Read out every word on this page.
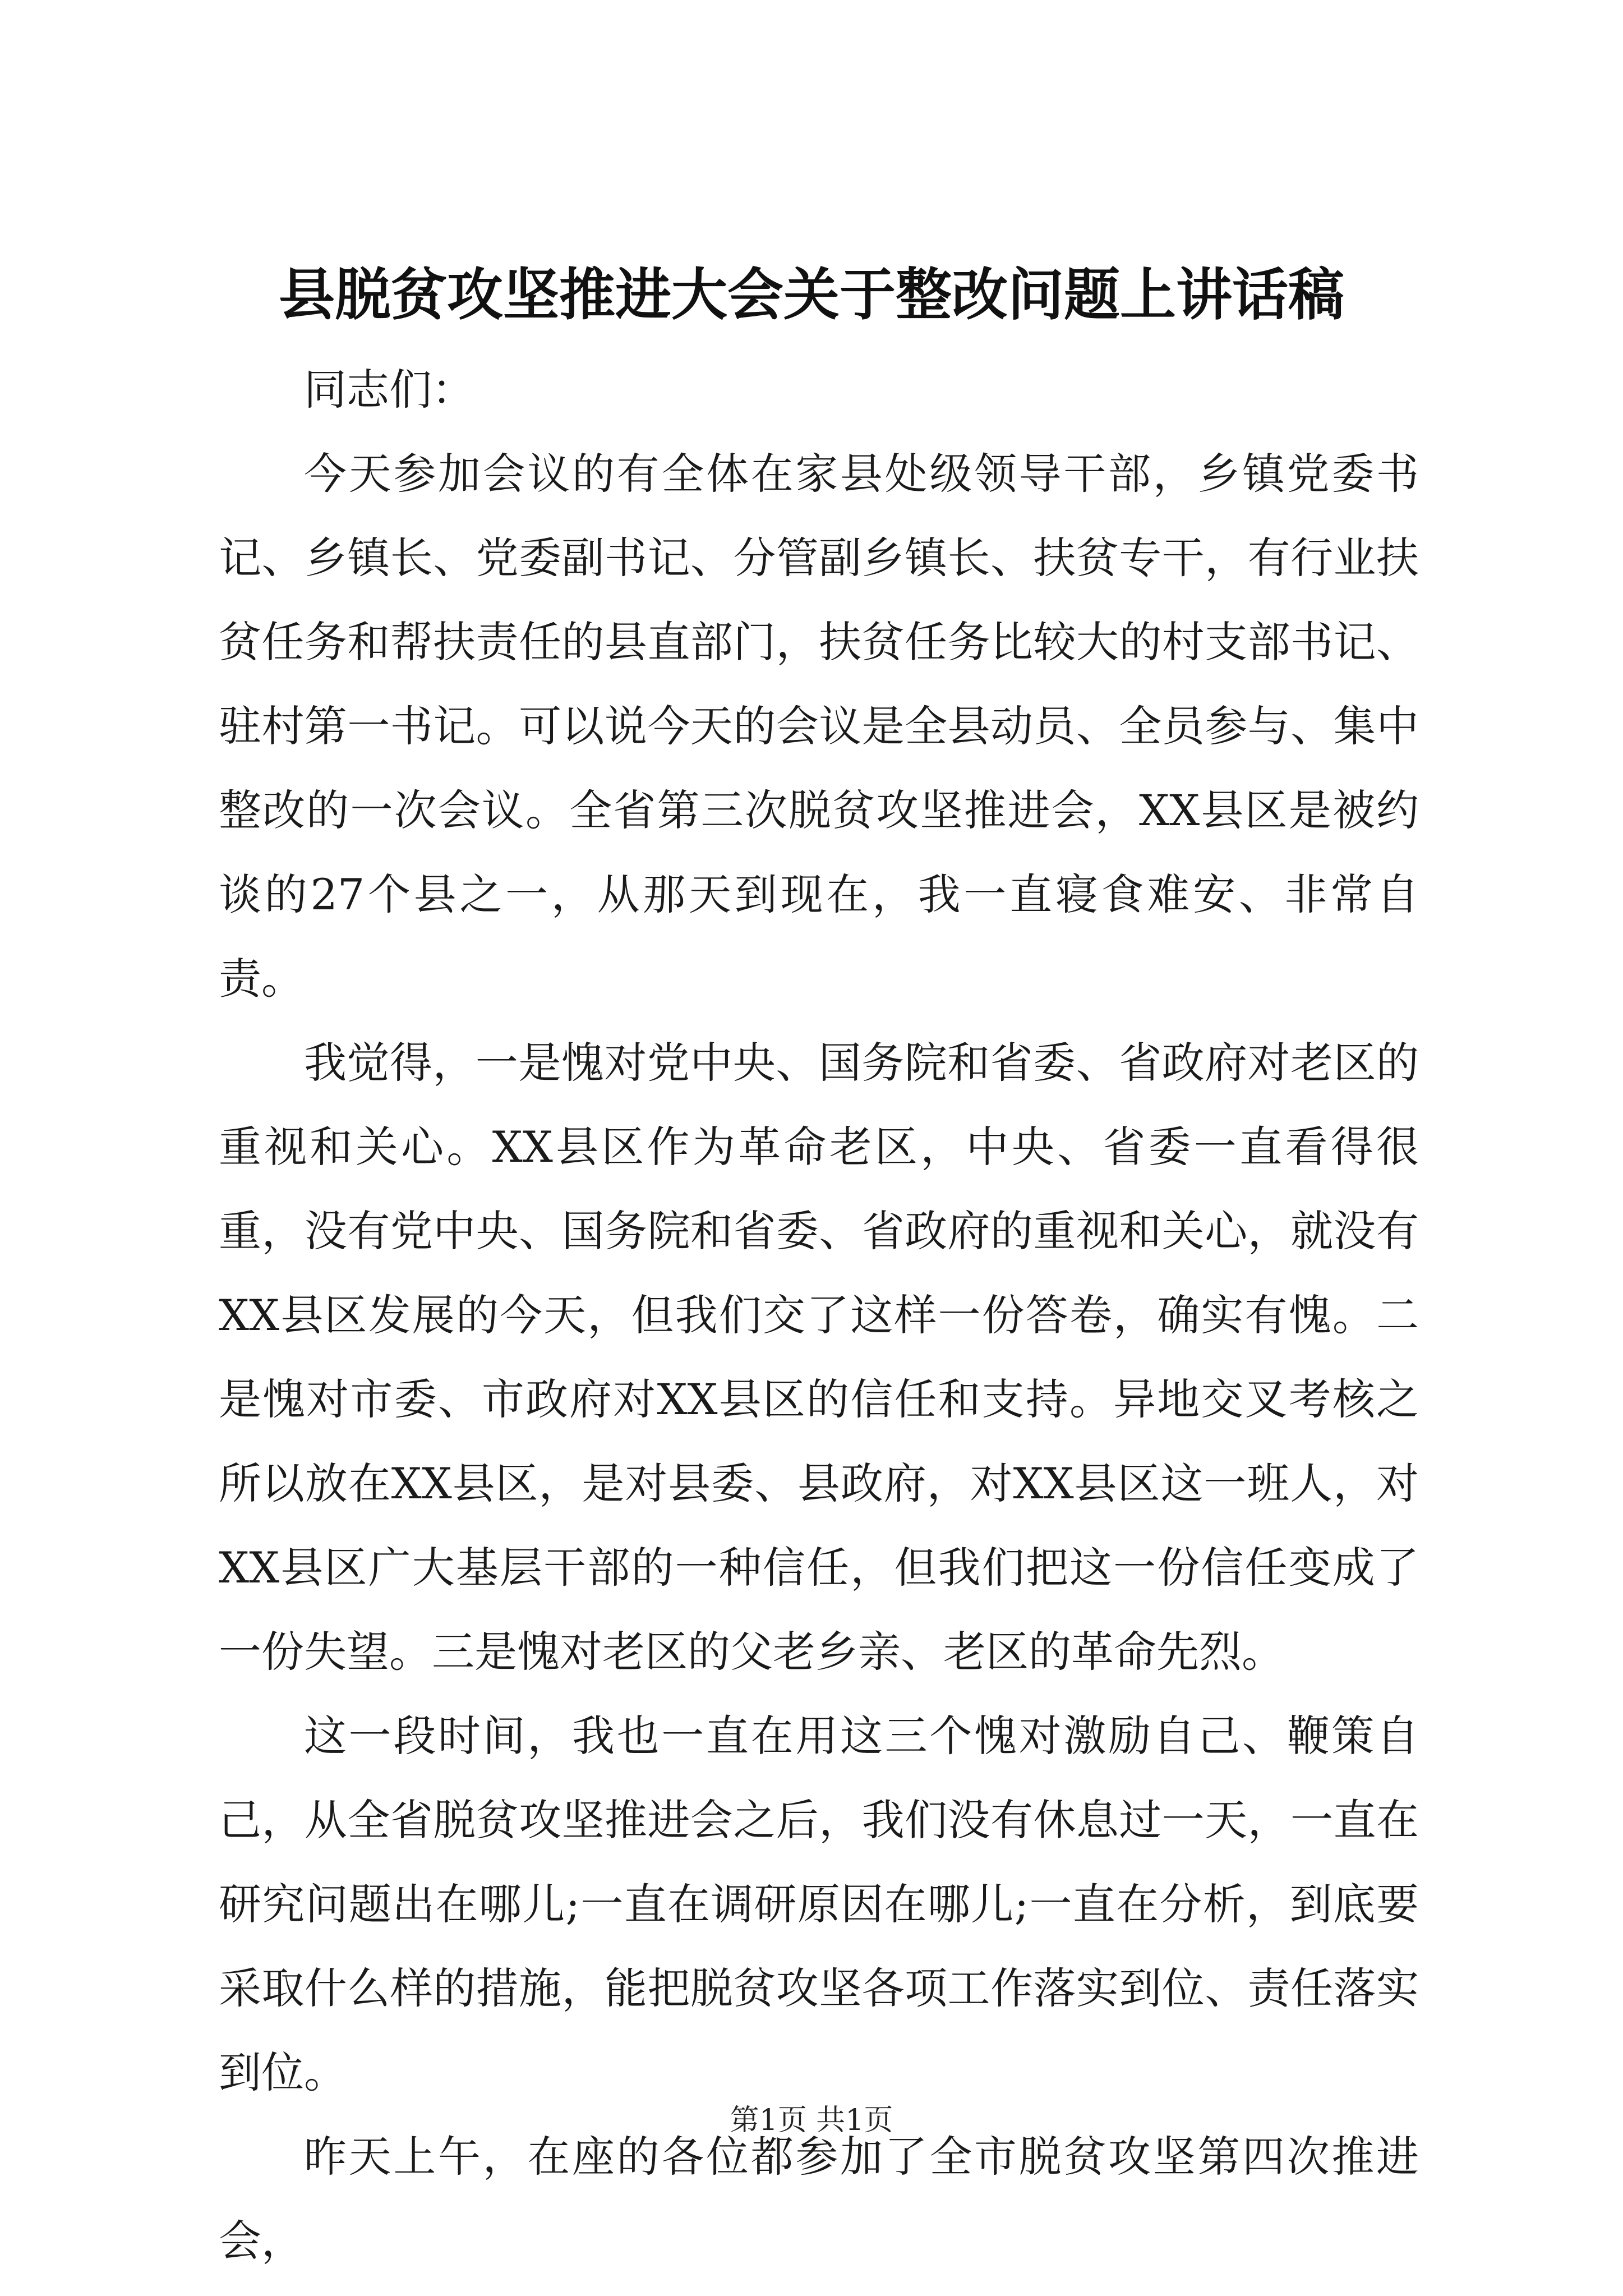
县脱贫攻坚推进大会关于整改问题上讲话稿

同志们：

今天参加会议的有全体在家县处级领导干部，乡镇党委书记、乡镇长、党委副书记、分管副乡镇长、扶贫专干，有行业扶贫任务和帮扶责任的县直部门，扶贫任务比较大的村支部书记、驻村第一书记。可以说今天的会议是全县动员、全员参与、集中整改的一次会议。全省第三次脱贫攻坚推进会，XX县区是被约谈的27个县之一，从那天到现在，我一直寝食难安、非常自责。

我觉得，一是愧对党中央、国务院和省委、省政府对老区的重视和关心。XX县区作为革命老区，中央、省委一直看得很重，没有党中央、国务院和省委、省政府的重视和关心，就没有XX县区发展的今天，但我们交了这样一份答卷，确实有愧。二是愧对市委、市政府对XX县区的信任和支持。异地交叉考核之所以放在XX县区，是对县委、县政府，对XX县区这一班人，对XX县区广大基层干部的一种信任，但我们把这一份信任变成了一份失望。三是愧对老区的父老乡亲、老区的革命先烈。

这一段时间，我也一直在用这三个愧对激励自己、鞭策自己，从全省脱贫攻坚推进会之后，我们没有休息过一天，一直在研究问题出在哪儿;一直在调研原因在哪儿;一直在分析，到底要采取什么样的措施，能把脱贫攻坚各项工作落实到位、责任落实到位。

昨天上午，在座的各位都参加了全市脱贫攻坚第四次推进会，

第1页 共1页
